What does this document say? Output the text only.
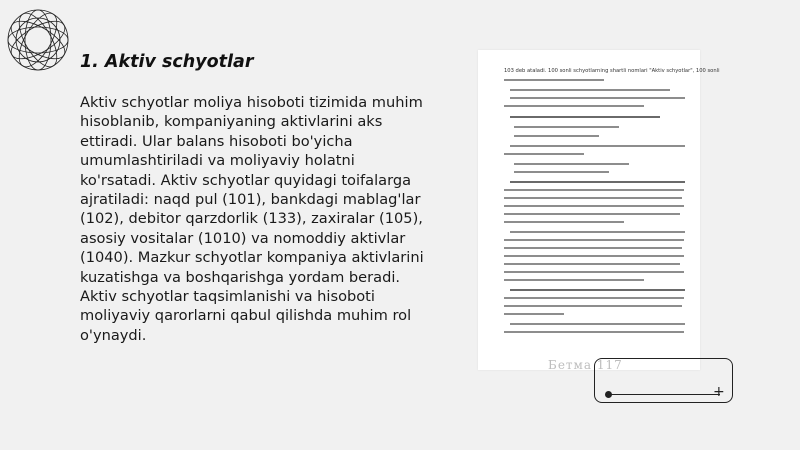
1. Aktiv schyotlar

Aktiv schyotlar moliya hisoboti tizimida muhim hisoblanib, kompaniyaning aktivlarini aks ettiradi. Ular balans hisoboti bo'yicha umumlashtiriladi va moliyaviy holatni ko'rsatadi. Aktiv schyotlar quyidagi toifalarga ajratiladi: naqd pul (101), bankdagi mablag'lar (102), debitor qarzdorlik (133), zaxiralar (105), asosiy vositalar (1010) va nomoddiy aktivlar (1040). Mazkur schyotlar kompaniya aktivlarini kuzatishga va boshqarishga yordam beradi. Aktiv schyotlar taqsimlanishi va hisoboti moliyaviy qarorlarni qabul qilishda muhim rol o'ynaydi.

103 deb ataladi. 100 sonli schyotlarning shartli nomlari "Aktiv schyotlar", 100 sonli
Бетма 117
+
